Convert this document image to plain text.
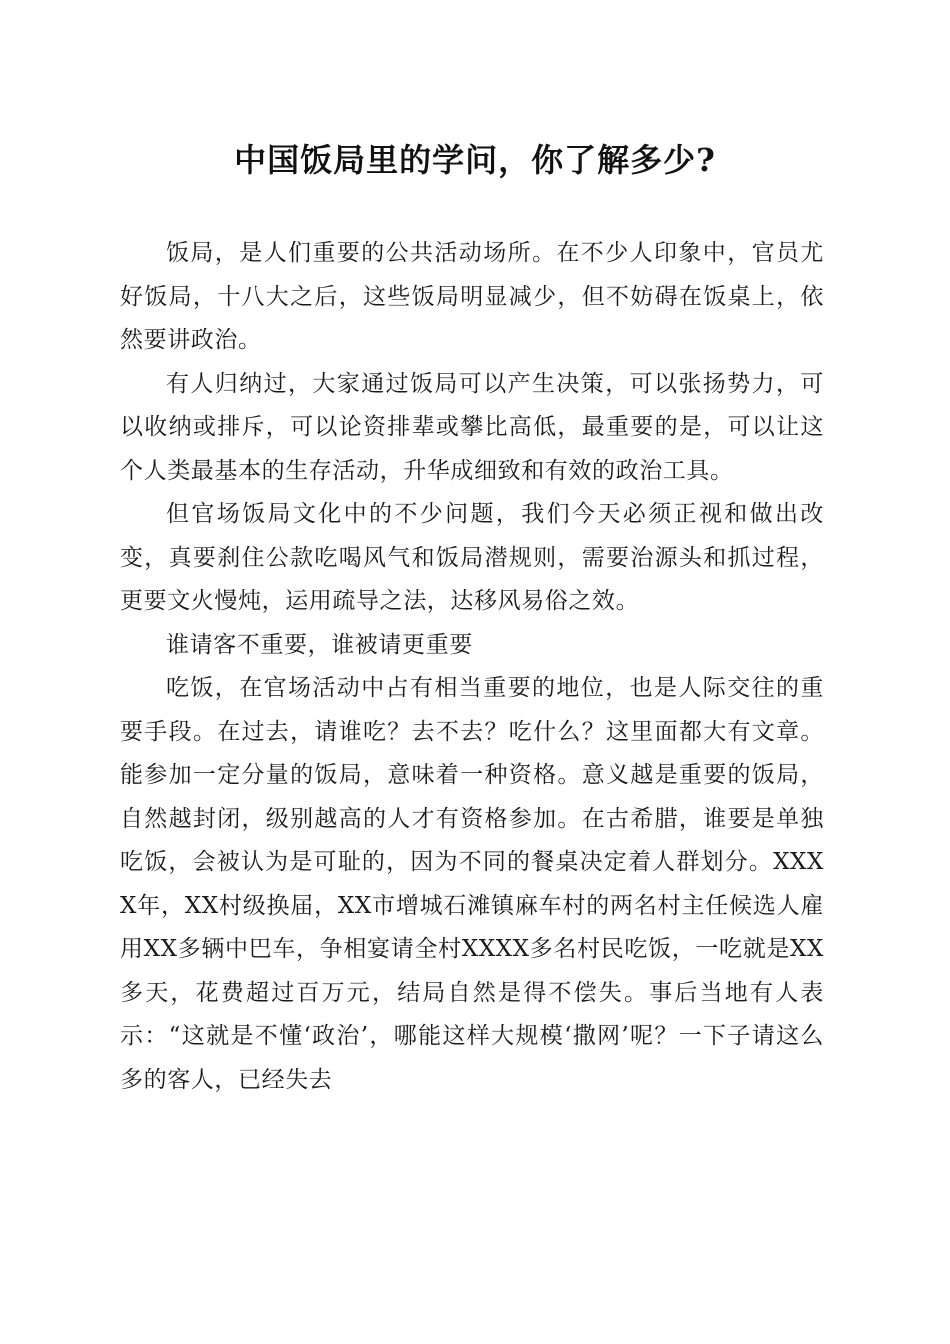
中国饭局里的学问，你了解多少?

饭局，是人们重要的公共活动场所。在不少人印象中，官员尤好饭局，十八大之后，这些饭局明显减少，但不妨碍在饭桌上，依然要讲政治。

有人归纳过，大家通过饭局可以产生决策，可以张扬势力，可以收纳或排斥，可以论资排辈或攀比高低，最重要的是，可以让这个人类最基本的生存活动，升华成细致和有效的政治工具。

但官场饭局文化中的不少问题，我们今天必须正视和做出改变，真要刹住公款吃喝风气和饭局潜规则，需要治源头和抓过程，更要文火慢炖，运用疏导之法，达移风易俗之效。

谁请客不重要，谁被请更重要

吃饭，在官场活动中占有相当重要的地位，也是人际交往的重要手段。在过去，请谁吃？去不去？吃什么？这里面都大有文章。能参加一定分量的饭局，意味着一种资格。意义越是重要的饭局，自然越封闭，级别越高的人才有资格参加。在古希腊，谁要是单独吃饭，会被认为是可耻的，因为不同的餐桌决定着人群划分。XXXX年，XX村级换届，XX市增城石滩镇麻车村的两名村主任候选人雇用XX多辆中巴车，争相宴请全村XXXX多名村民吃饭，一吃就是XX多天，花费超过百万元，结局自然是得不偿失。事后当地有人表示：“这就是不懂‘政治’，哪能这样大规模‘撒网’呢？一下子请这么多的客人，已经失去
